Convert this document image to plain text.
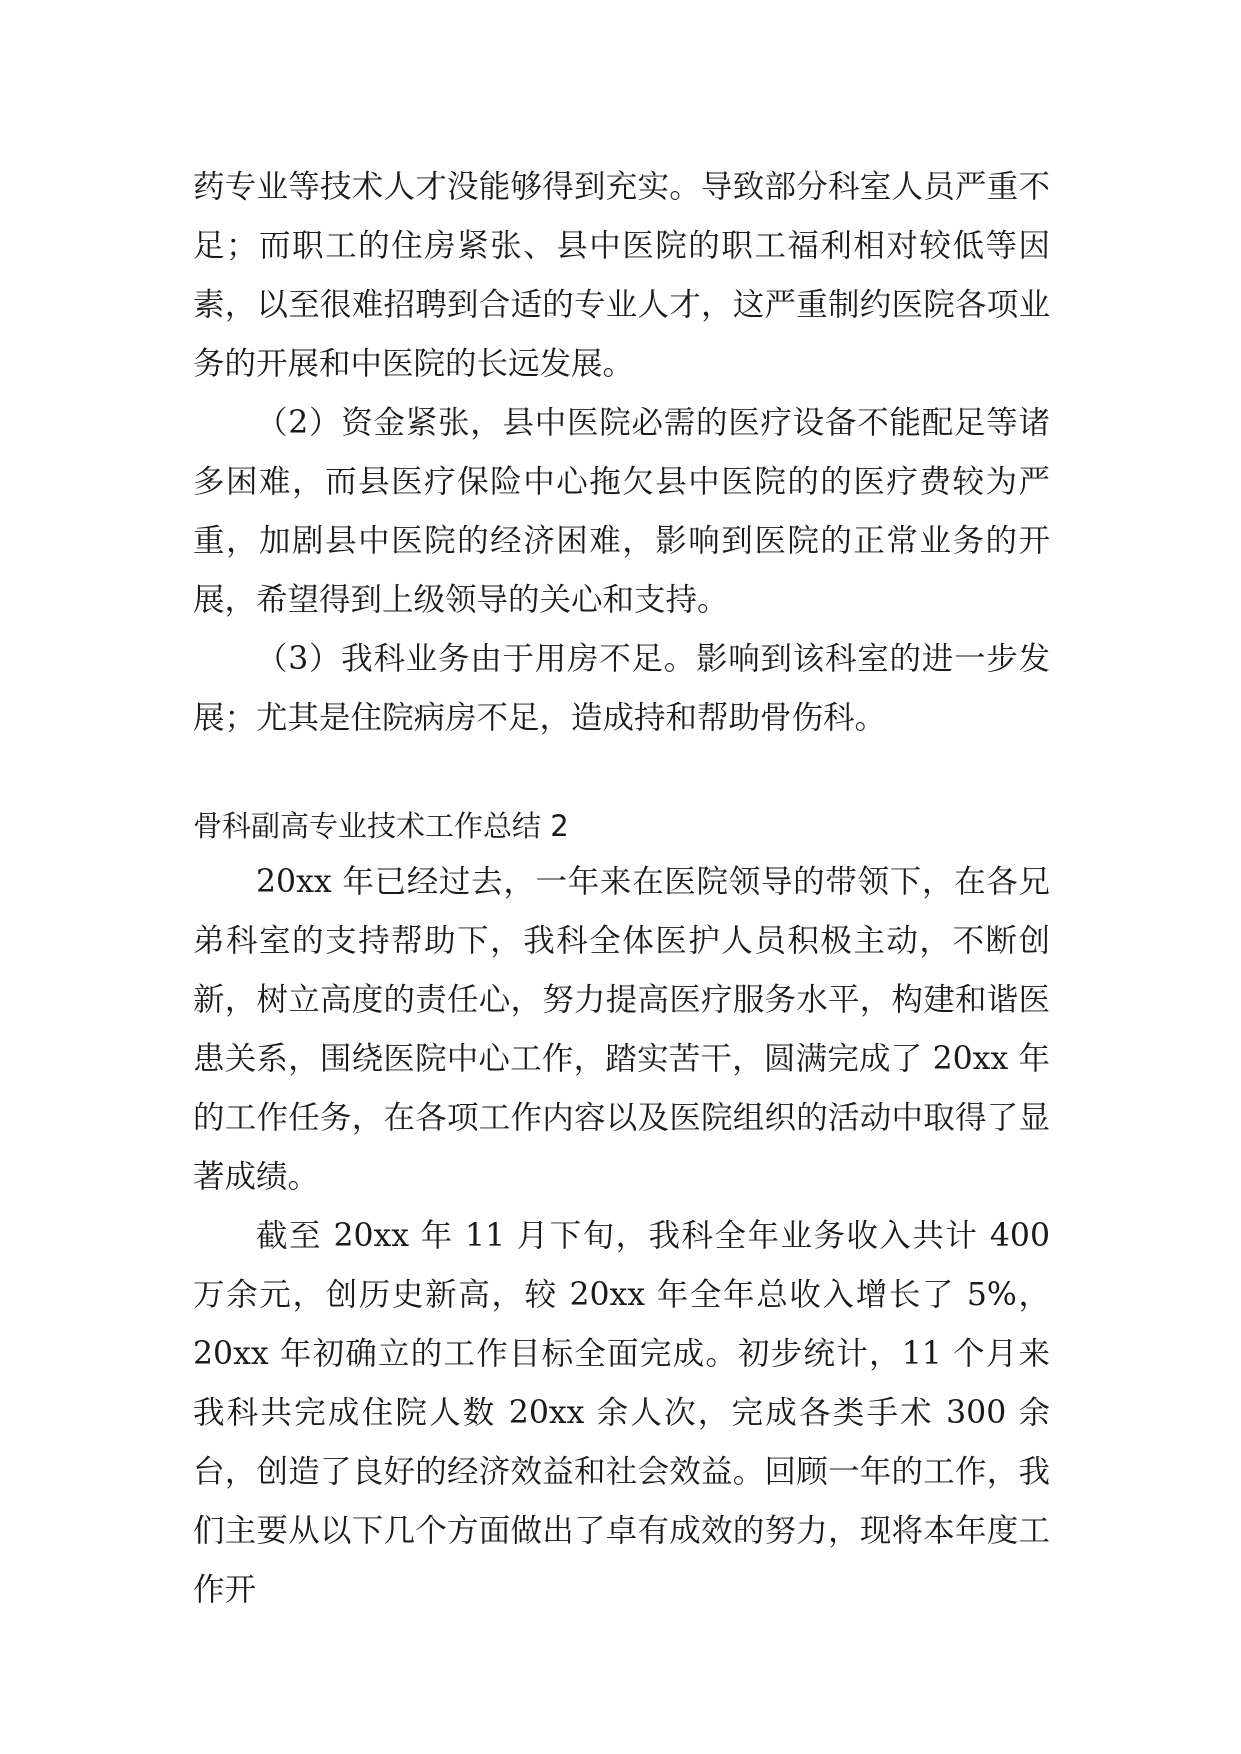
药专业等技术人才没能够得到充实。导致部分科室人员严重不足；而职工的住房紧张、县中医院的职工福利相对较低等因素，以至很难招聘到合适的专业人才，这严重制约医院各项业务的开展和中医院的长远发展。

（2）资金紧张，县中医院必需的医疗设备不能配足等诸多困难，而县医疗保险中心拖欠县中医院的的医疗费较为严重，加剧县中医院的经济困难，影响到医院的正常业务的开展，希望得到上级领导的关心和支持。

（3）我科业务由于用房不足。影响到该科室的进一步发展；尤其是住院病房不足，造成持和帮助骨伤科。

骨科副高专业技术工作总结 2

20xx 年已经过去，一年来在医院领导的带领下，在各兄弟科室的支持帮助下，我科全体医护人员积极主动，不断创新，树立高度的责任心，努力提高医疗服务水平，构建和谐医患关系，围绕医院中心工作，踏实苦干，圆满完成了 20xx 年的工作任务，在各项工作内容以及医院组织的活动中取得了显著成绩。

截至 20xx 年 11 月下旬，我科全年业务收入共计 400 万余元，创历史新高，较 20xx 年全年总收入增长了 5%，20xx 年初确立的工作目标全面完成。初步统计，11 个月来我科共完成住院人数 20xx 余人次，完成各类手术 300 余台，创造了良好的经济效益和社会效益。回顾一年的工作，我们主要从以下几个方面做出了卓有成效的努力，现将本年度工作开
